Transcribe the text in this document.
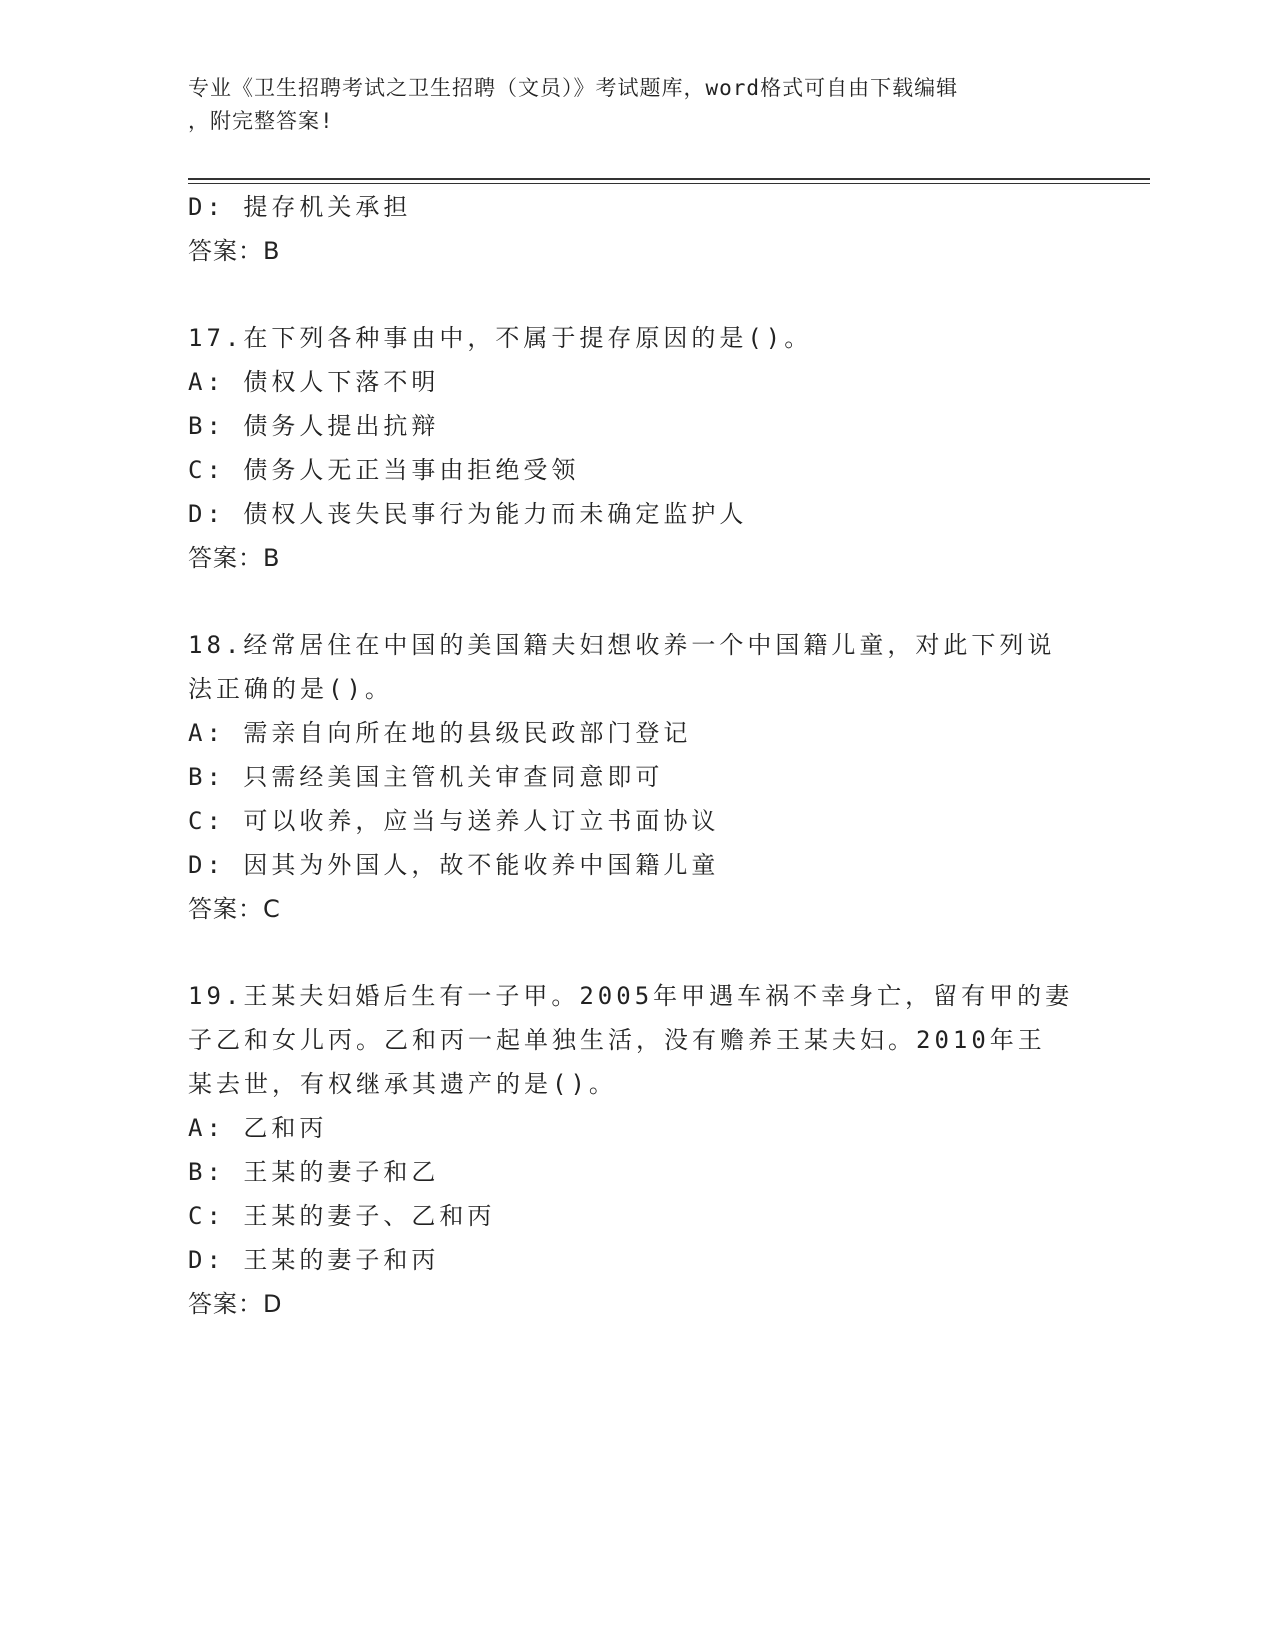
专业《卫生招聘考试之卫生招聘（文员）》考试题库，word格式可自由下载编辑
，附完整答案!
D: 提存机关承担
答案：B
17.在下列各种事由中，不属于提存原因的是()。
A: 债权人下落不明
B: 债务人提出抗辩
C: 债务人无正当事由拒绝受领
D: 债权人丧失民事行为能力而未确定监护人
答案：B
18.经常居住在中国的美国籍夫妇想收养一个中国籍儿童，对此下列说
法正确的是()。
A: 需亲自向所在地的县级民政部门登记
B: 只需经美国主管机关审查同意即可
C: 可以收养，应当与送养人订立书面协议
D: 因其为外国人，故不能收养中国籍儿童
答案：C
19.王某夫妇婚后生有一子甲。2005年甲遇车祸不幸身亡，留有甲的妻
子乙和女儿丙。乙和丙一起单独生活，没有赡养王某夫妇。2010年王
某去世，有权继承其遗产的是()。
A: 乙和丙
B: 王某的妻子和乙
C: 王某的妻子、乙和丙
D: 王某的妻子和丙
答案：D
